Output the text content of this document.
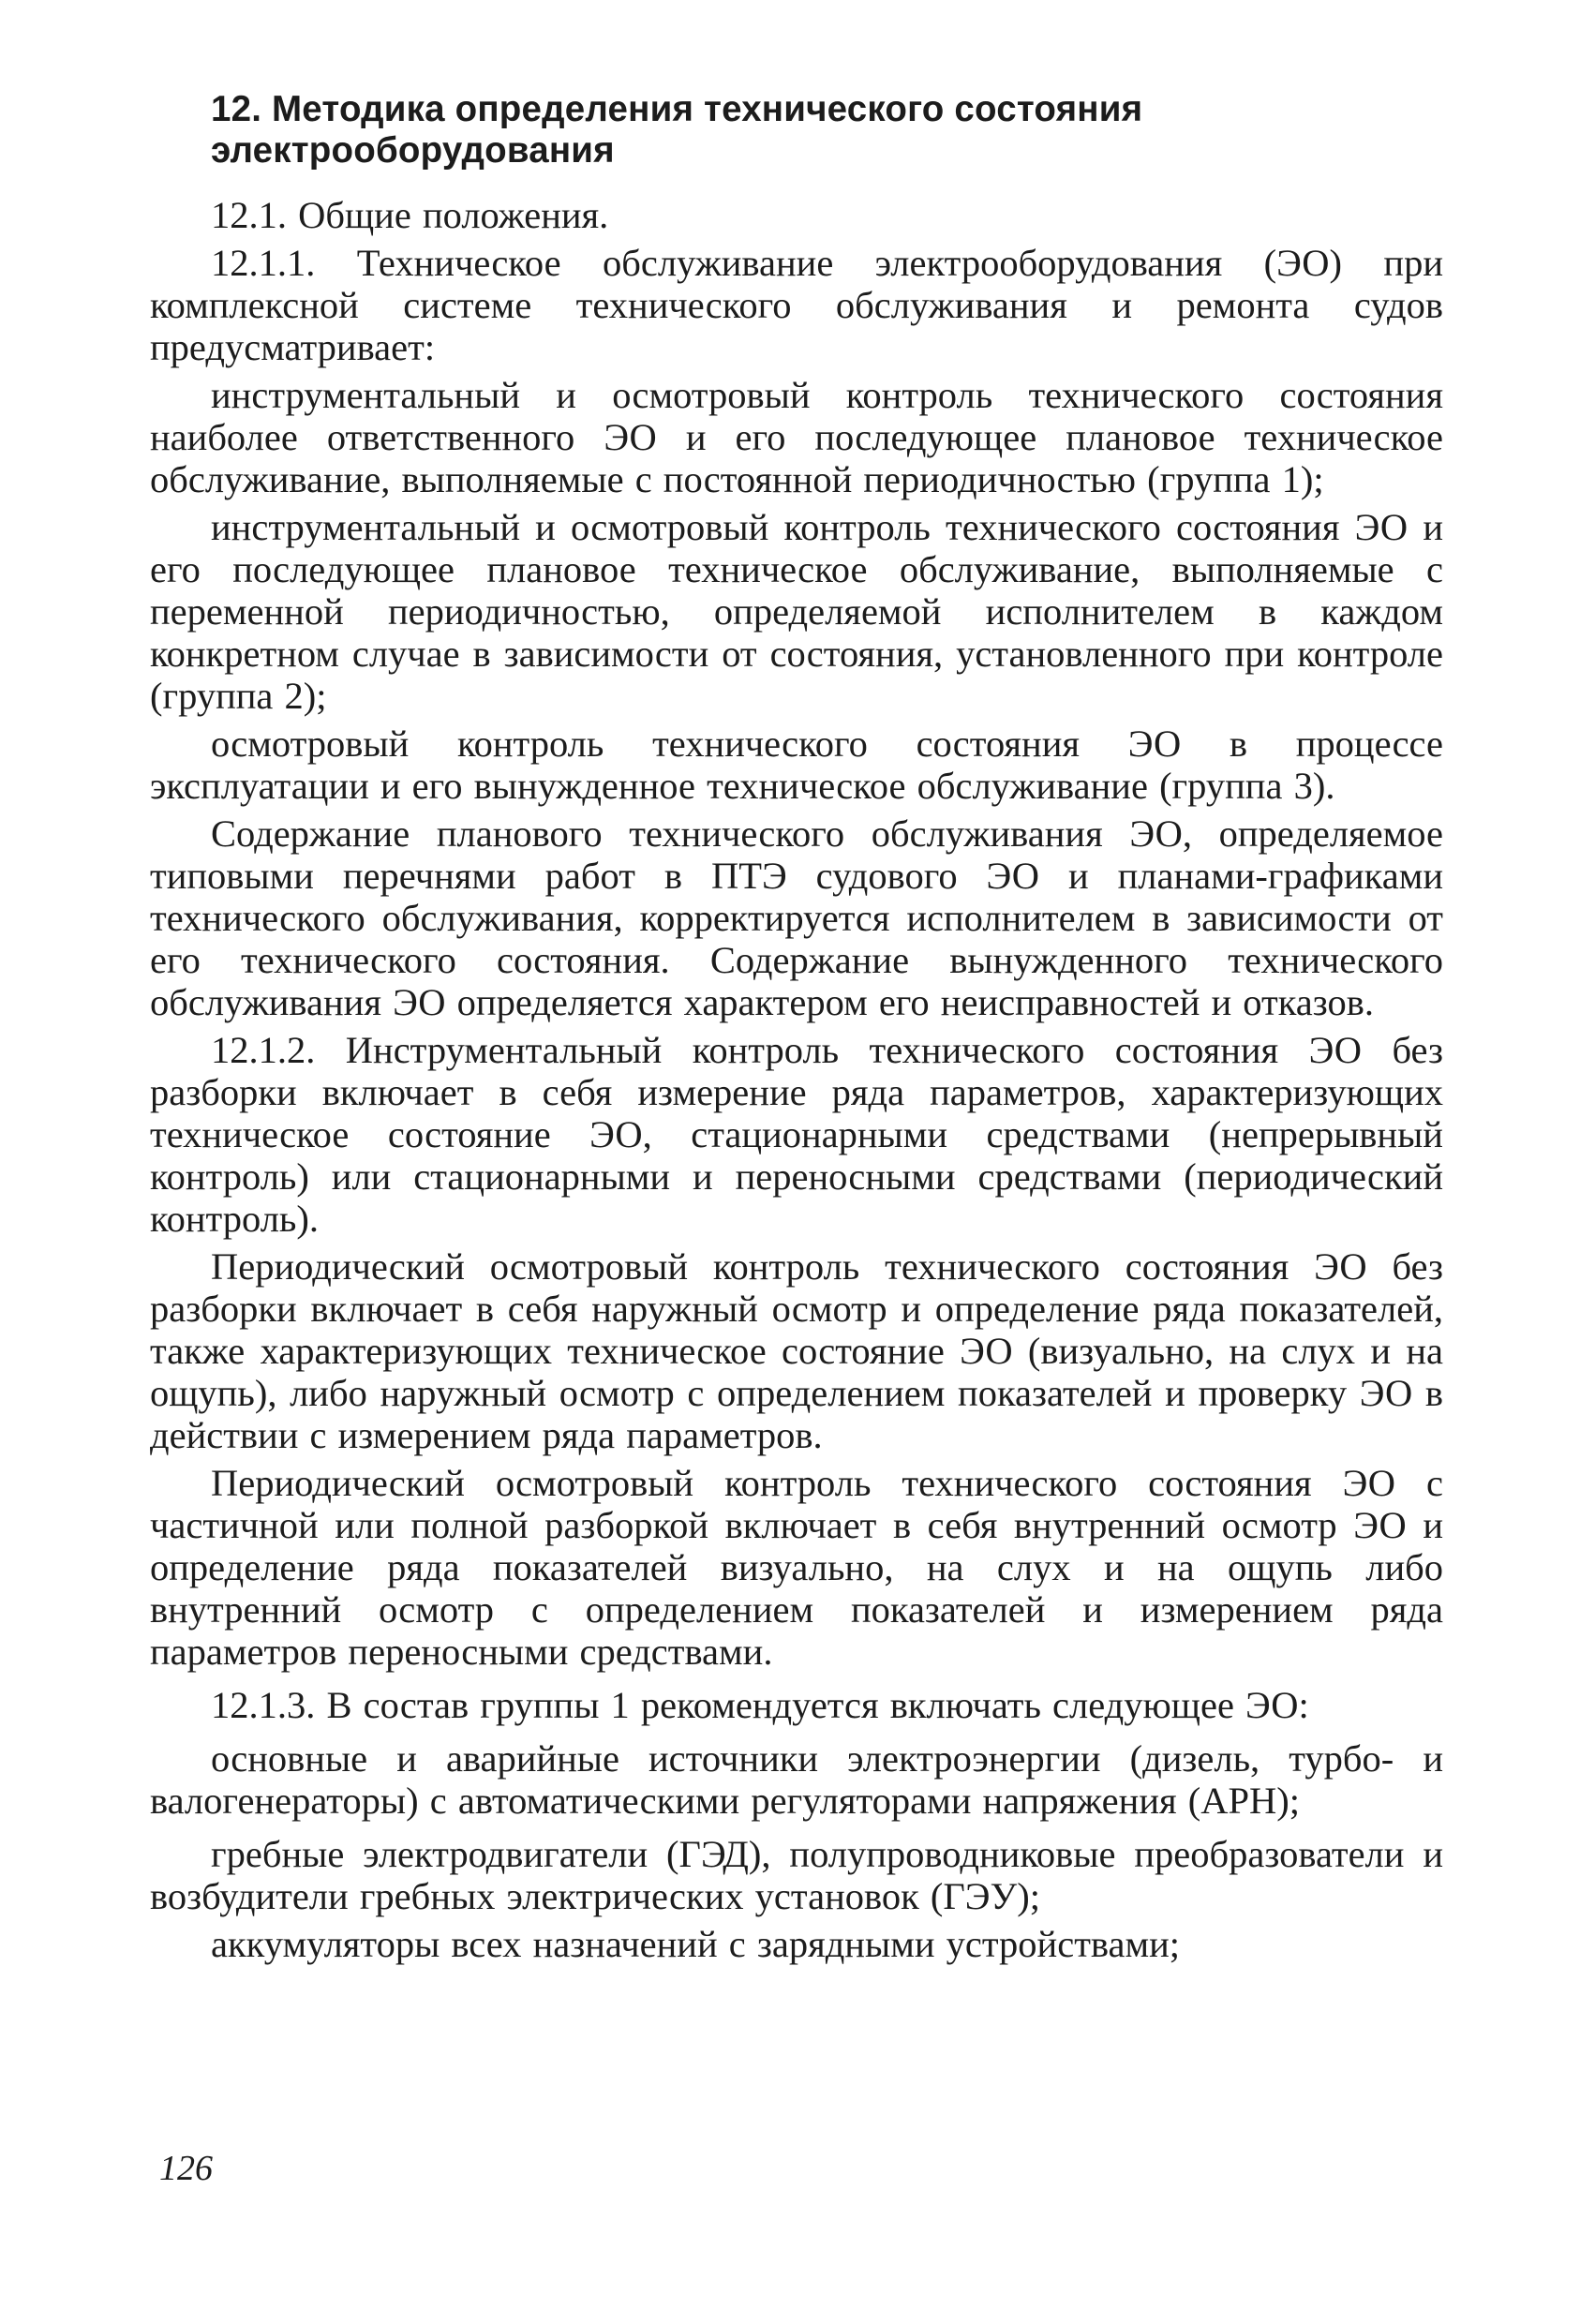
12. Методика определения технического состояния
электрооборудования

12.1. Общие положения.

12.1.1. Техническое обслуживание электрооборудования (ЭО) при комплексной системе технического обслуживания и ремонта судов предусматривает:

инструментальный и осмотровый контроль технического состояния наиболее ответственного ЭО и его последующее плановое техническое обслуживание, выполняемые с постоянной периодичностью (группа 1);

инструментальный и осмотровый контроль технического состояния ЭО и его последующее плановое техническое обслуживание, выполняемые с переменной периодичностью, определяемой исполнителем в каждом конкретном случае в зависимости от состояния, установленного при контроле (группа 2);

осмотровый контроль технического состояния ЭО в процессе эксплуатации и его вынужденное техническое обслуживание (группа 3).

Содержание планового технического обслуживания ЭО, определяемое типовыми перечнями работ в ПТЭ судового ЭО и планами-графиками технического обслуживания, корректируется исполнителем в зависимости от его технического состояния. Содержание вынужденного технического обслуживания ЭО определяется характером его неисправностей и отказов.

12.1.2. Инструментальный контроль технического состояния ЭО без разборки включает в себя измерение ряда параметров, характеризующих техническое состояние ЭО, стационарными средствами (непрерывный контроль) или стационарными и переносными средствами (периодический контроль).

Периодический осмотровый контроль технического состояния ЭО без разборки включает в себя наружный осмотр и определение ряда показателей, также характеризующих техническое состояние ЭО (визуально, на слух и на ощупь), либо наружный осмотр с определением показателей и проверку ЭО в действии с измерением ряда параметров.

Периодический осмотровый контроль технического состояния ЭО с частичной или полной разборкой включает в себя внутренний осмотр ЭО и определение ряда показателей визуально, на слух и на ощупь либо внутренний осмотр с определением показателей и измерением ряда параметров переносными средствами.

12.1.3. В состав группы 1 рекомендуется включать следующее ЭО:

основные и аварийные источники электроэнергии (дизель, турбо- и валогенераторы) с автоматическими регуляторами напряжения (АРН);

гребные электродвигатели (ГЭД), полупроводниковые преобразователи и возбудители гребных электрических установок (ГЭУ);

аккумуляторы всех назначений с зарядными устройствами;

126
